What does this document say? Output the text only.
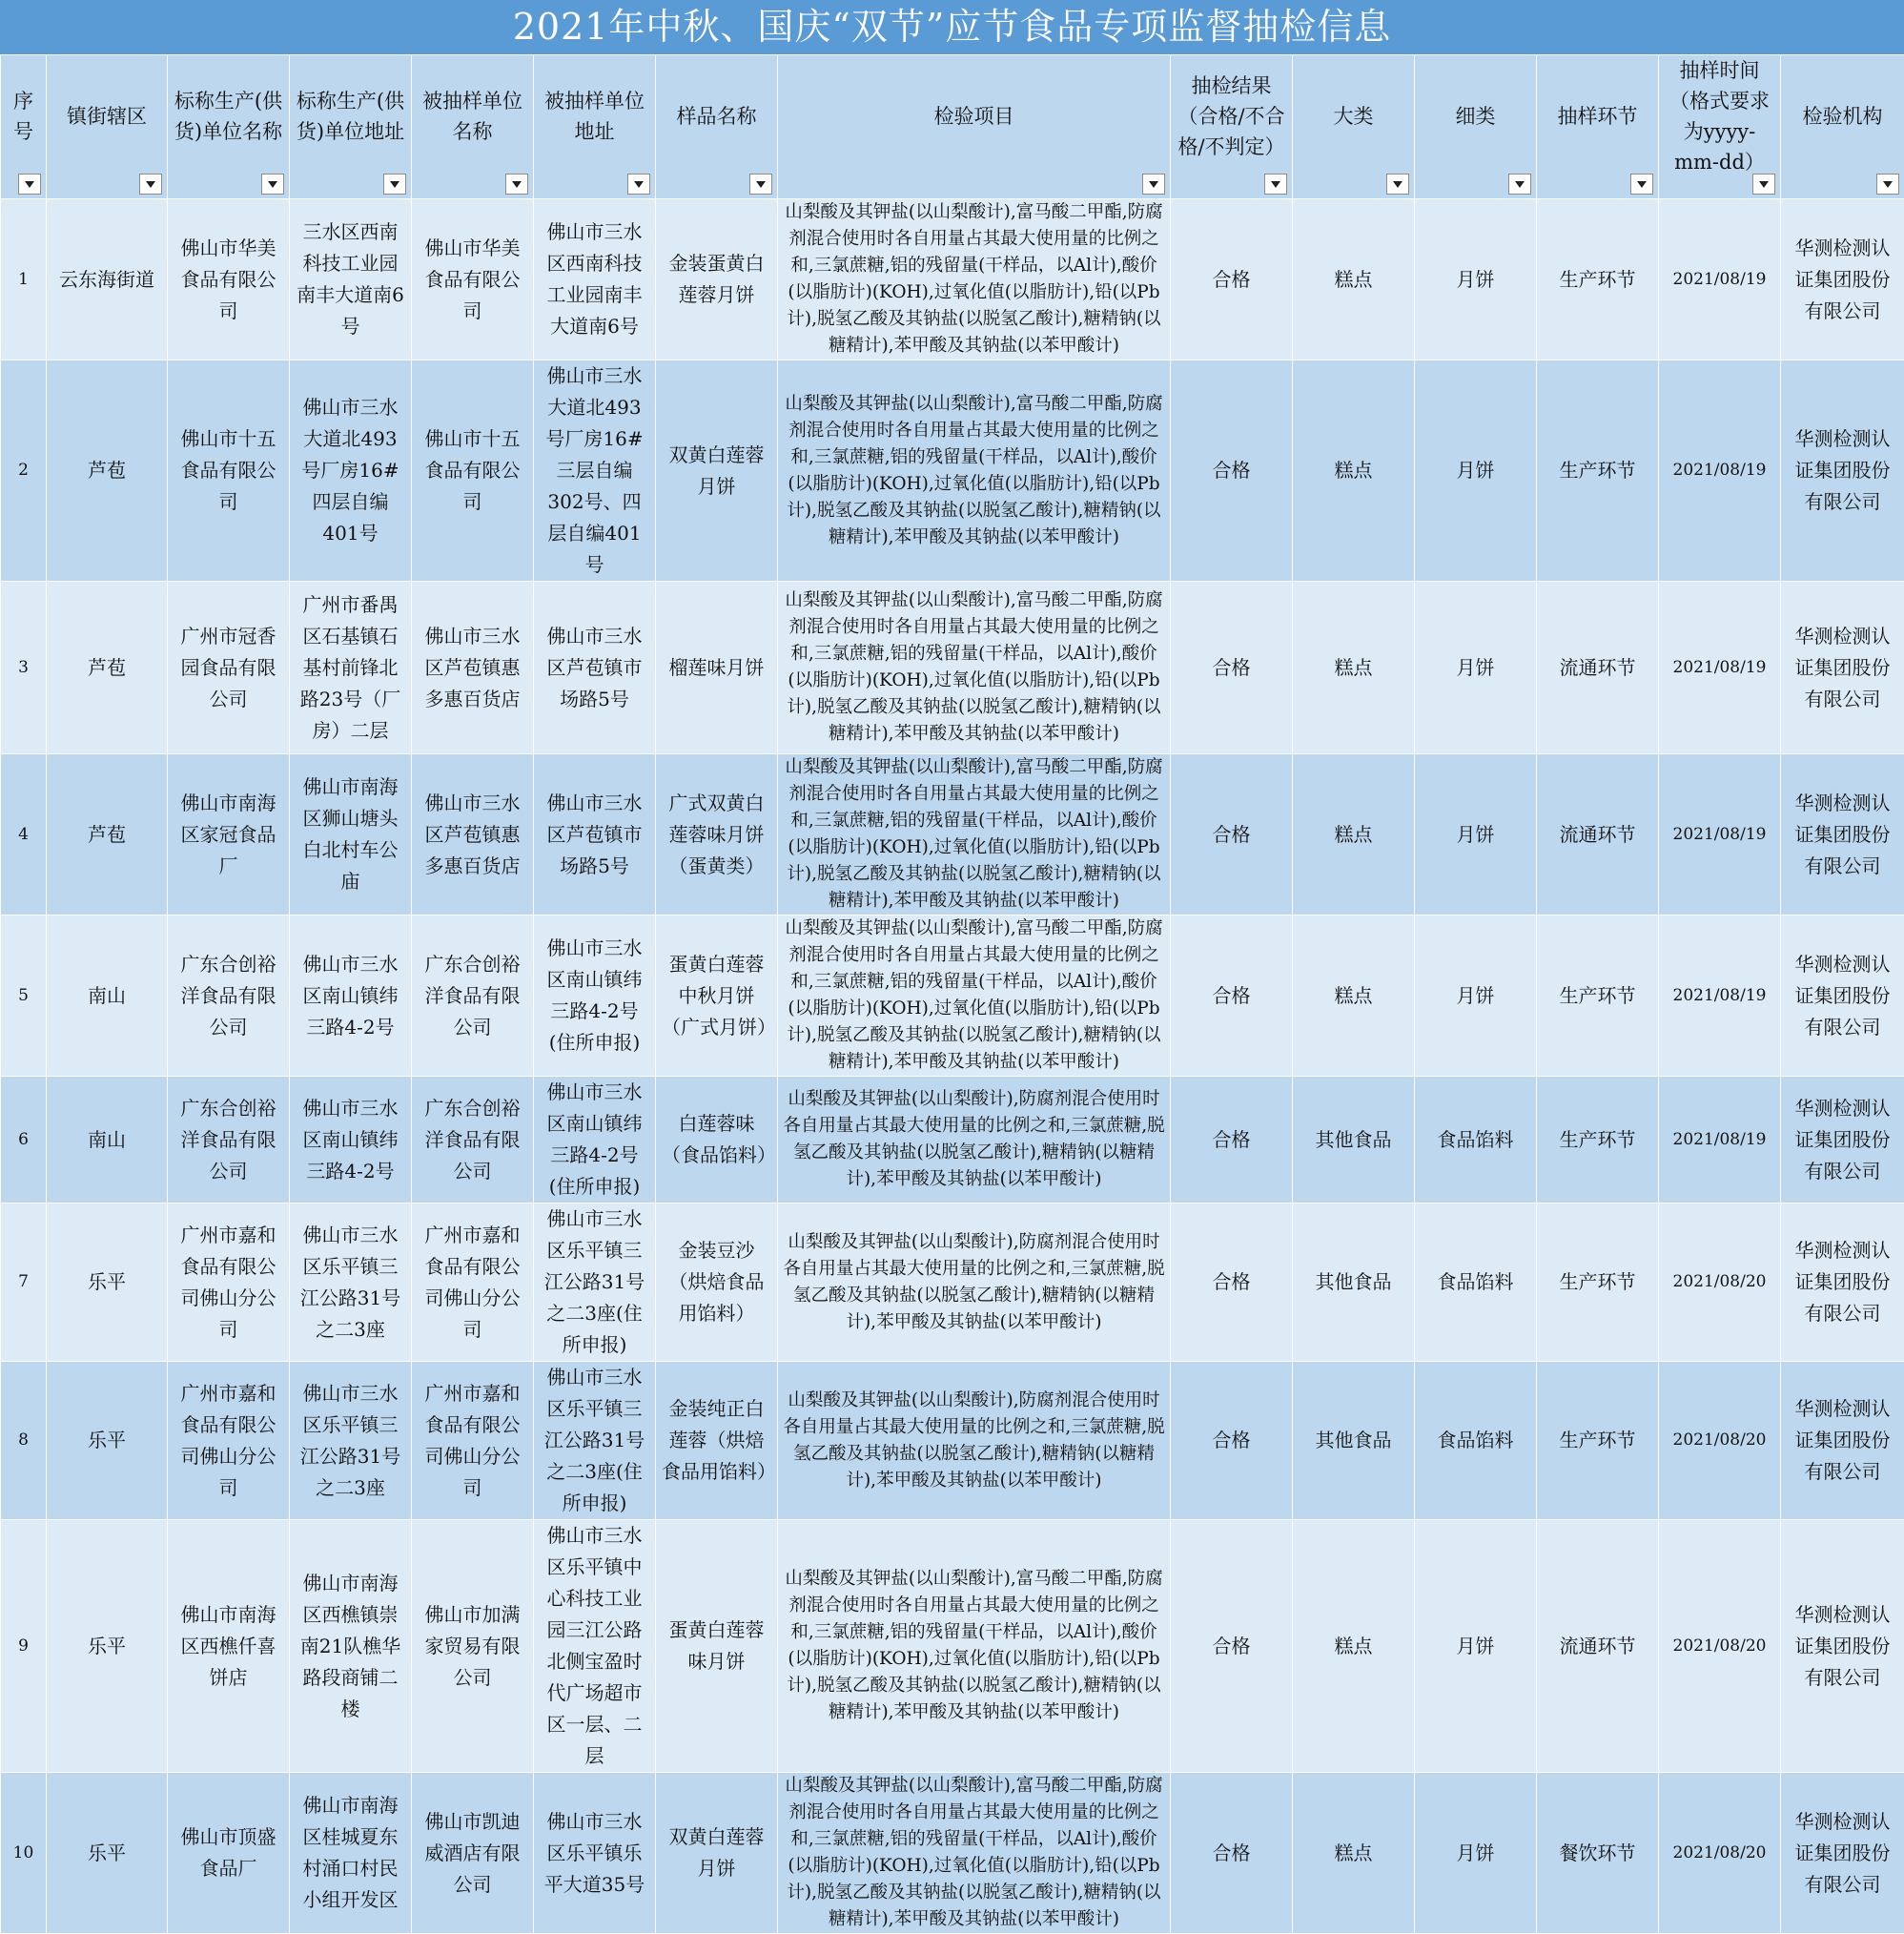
2021年中秋、国庆“双节”应节食品专项监督抽检信息
序号	镇街辖区	标称生产(供货)单位名称	标称生产(供货)单位地址	被抽样单位名称	被抽样单位地址	样品名称	检验项目	抽检结果（合格/不合格/不判定）	大类	细类	抽样环节	抽样时间（格式要求为yyyy-mm-dd）	检验机构

1	云东海街道	佛山市华美食品有限公司	三水区西南科技工业园南丰大道南6号	佛山市华美食品有限公司	佛山市三水区西南科技工业园南丰大道南6号	金装蛋黄白莲蓉月饼	山梨酸及其钾盐(以山梨酸计),富马酸二甲酯,防腐剂混合使用时各自用量占其最大使用量的比例之和,三氯蔗糖,铝的残留量(干样品，以Al计),酸价(以脂肪计)(KOH),过氧化值(以脂肪计),铅(以Pb计),脱氢乙酸及其钠盐(以脱氢乙酸计),糖精钠(以糖精计),苯甲酸及其钠盐(以苯甲酸计)	合格	糕点	月饼	生产环节	2021/08/19	华测检测认证集团股份有限公司
2	芦苞	佛山市十五食品有限公司	佛山市三水大道北493号厂房16#四层自编401号	佛山市十五食品有限公司	佛山市三水大道北493号厂房16#三层自编302号、四层自编401号	双黄白莲蓉月饼	山梨酸及其钾盐(以山梨酸计),富马酸二甲酯,防腐剂混合使用时各自用量占其最大使用量的比例之和,三氯蔗糖,铝的残留量(干样品，以Al计),酸价(以脂肪计)(KOH),过氧化值(以脂肪计),铅(以Pb计),脱氢乙酸及其钠盐(以脱氢乙酸计),糖精钠(以糖精计),苯甲酸及其钠盐(以苯甲酸计)	合格	糕点	月饼	生产环节	2021/08/19	华测检测认证集团股份有限公司
3	芦苞	广州市冠香园食品有限公司	广州市番禺区石基镇石基村前锋北路23号（厂房）二层	佛山市三水区芦苞镇惠多惠百货店	佛山市三水区芦苞镇市场路5号	榴莲味月饼	山梨酸及其钾盐(以山梨酸计),富马酸二甲酯,防腐剂混合使用时各自用量占其最大使用量的比例之和,三氯蔗糖,铝的残留量(干样品，以Al计),酸价(以脂肪计)(KOH),过氧化值(以脂肪计),铅(以Pb计),脱氢乙酸及其钠盐(以脱氢乙酸计),糖精钠(以糖精计),苯甲酸及其钠盐(以苯甲酸计)	合格	糕点	月饼	流通环节	2021/08/19	华测检测认证集团股份有限公司
4	芦苞	佛山市南海区家冠食品厂	佛山市南海区狮山塘头白北村车公庙	佛山市三水区芦苞镇惠多惠百货店	佛山市三水区芦苞镇市场路5号	广式双黄白莲蓉味月饼（蛋黄类）	山梨酸及其钾盐(以山梨酸计),富马酸二甲酯,防腐剂混合使用时各自用量占其最大使用量的比例之和,三氯蔗糖,铝的残留量(干样品，以Al计),酸价(以脂肪计)(KOH),过氧化值(以脂肪计),铅(以Pb计),脱氢乙酸及其钠盐(以脱氢乙酸计),糖精钠(以糖精计),苯甲酸及其钠盐(以苯甲酸计)	合格	糕点	月饼	流通环节	2021/08/19	华测检测认证集团股份有限公司
5	南山	广东合创裕洋食品有限公司	佛山市三水区南山镇纬三路4-2号	广东合创裕洋食品有限公司	佛山市三水区南山镇纬三路4-2号(住所申报)	蛋黄白莲蓉中秋月饼（广式月饼）	山梨酸及其钾盐(以山梨酸计),富马酸二甲酯,防腐剂混合使用时各自用量占其最大使用量的比例之和,三氯蔗糖,铝的残留量(干样品，以Al计),酸价(以脂肪计)(KOH),过氧化值(以脂肪计),铅(以Pb计),脱氢乙酸及其钠盐(以脱氢乙酸计),糖精钠(以糖精计),苯甲酸及其钠盐(以苯甲酸计)	合格	糕点	月饼	生产环节	2021/08/19	华测检测认证集团股份有限公司
6	南山	广东合创裕洋食品有限公司	佛山市三水区南山镇纬三路4-2号	广东合创裕洋食品有限公司	佛山市三水区南山镇纬三路4-2号(住所申报)	白莲蓉味（食品馅料）	山梨酸及其钾盐(以山梨酸计),防腐剂混合使用时各自用量占其最大使用量的比例之和,三氯蔗糖,脱氢乙酸及其钠盐(以脱氢乙酸计),糖精钠(以糖精计),苯甲酸及其钠盐(以苯甲酸计)	合格	其他食品	食品馅料	生产环节	2021/08/19	华测检测认证集团股份有限公司
7	乐平	广州市嘉和食品有限公司佛山分公司	佛山市三水区乐平镇三江公路31号之二3座	广州市嘉和食品有限公司佛山分公司	佛山市三水区乐平镇三江公路31号之二3座(住所申报)	金装豆沙（烘焙食品用馅料）	山梨酸及其钾盐(以山梨酸计),防腐剂混合使用时各自用量占其最大使用量的比例之和,三氯蔗糖,脱氢乙酸及其钠盐(以脱氢乙酸计),糖精钠(以糖精计),苯甲酸及其钠盐(以苯甲酸计)	合格	其他食品	食品馅料	生产环节	2021/08/20	华测检测认证集团股份有限公司
8	乐平	广州市嘉和食品有限公司佛山分公司	佛山市三水区乐平镇三江公路31号之二3座	广州市嘉和食品有限公司佛山分公司	佛山市三水区乐平镇三江公路31号之二3座(住所申报)	金装纯正白莲蓉（烘焙食品用馅料）	山梨酸及其钾盐(以山梨酸计),防腐剂混合使用时各自用量占其最大使用量的比例之和,三氯蔗糖,脱氢乙酸及其钠盐(以脱氢乙酸计),糖精钠(以糖精计),苯甲酸及其钠盐(以苯甲酸计)	合格	其他食品	食品馅料	生产环节	2021/08/20	华测检测认证集团股份有限公司
9	乐平	佛山市南海区西樵仟喜饼店	佛山市南海区西樵镇崇南21队樵华路段商铺二楼	佛山市加满家贸易有限公司	佛山市三水区乐平镇中心科技工业园三江公路北侧宝盈时代广场超市区一层、二层	蛋黄白莲蓉味月饼	山梨酸及其钾盐(以山梨酸计),富马酸二甲酯,防腐剂混合使用时各自用量占其最大使用量的比例之和,三氯蔗糖,铝的残留量(干样品，以Al计),酸价(以脂肪计)(KOH),过氧化值(以脂肪计),铅(以Pb计),脱氢乙酸及其钠盐(以脱氢乙酸计),糖精钠(以糖精计),苯甲酸及其钠盐(以苯甲酸计)	合格	糕点	月饼	流通环节	2021/08/20	华测检测认证集团股份有限公司
10	乐平	佛山市顶盛食品厂	佛山市南海区桂城夏东村涌口村民小组开发区	佛山市凯迪威酒店有限公司	佛山市三水区乐平镇乐平大道35号	双黄白莲蓉月饼	山梨酸及其钾盐(以山梨酸计),富马酸二甲酯,防腐剂混合使用时各自用量占其最大使用量的比例之和,三氯蔗糖,铝的残留量(干样品，以Al计),酸价(以脂肪计)(KOH),过氧化值(以脂肪计),铅(以Pb计),脱氢乙酸及其钠盐(以脱氢乙酸计),糖精钠(以糖精计),苯甲酸及其钠盐(以苯甲酸计)	合格	糕点	月饼	餐饮环节	2021/08/20	华测检测认证集团股份有限公司
